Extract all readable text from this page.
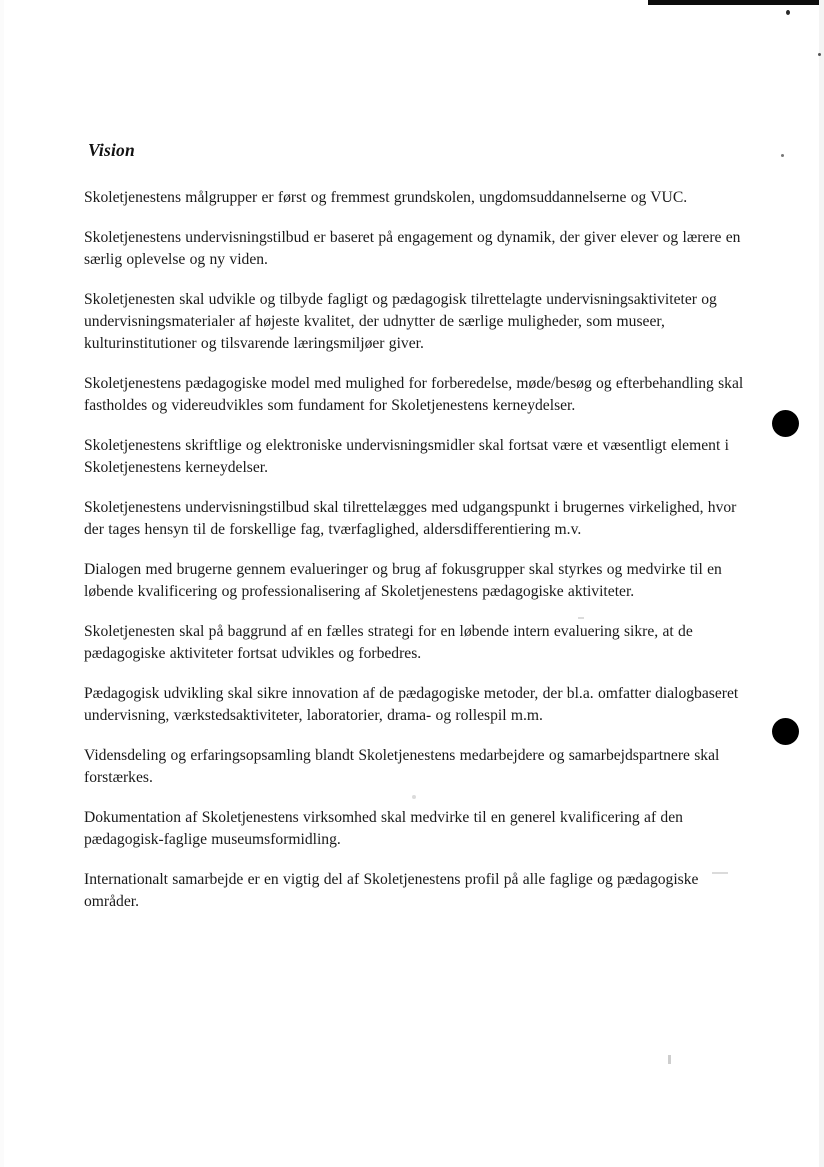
Vision

Skoletjenestens målgrupper er først og fremmest grundskolen, ungdomsuddannelserne og VUC.

Skoletjenestens undervisningstilbud er baseret på engagement og dynamik, der giver elever og lærere en særlig oplevelse og ny viden.

Skoletjenesten skal udvikle og tilbyde fagligt og pædagogisk tilrettelagte undervisningsaktiviteter og undervisningsmaterialer af højeste kvalitet, der udnytter de særlige muligheder, som museer, kulturinstitutioner og tilsvarende læringsmiljøer giver.

Skoletjenestens pædagogiske model med mulighed for forberedelse, møde/besøg og efterbehandling skal fastholdes og videreudvikles som fundament for Skoletjenestens kerneydelser.

Skoletjenestens skriftlige og elektroniske undervisningsmidler skal fortsat være et væsentligt element i Skoletjenestens kerneydelser.

Skoletjenestens undervisningstilbud skal tilrettelægges med udgangspunkt i brugernes virkelighed, hvor der tages hensyn til de forskellige fag, tværfaglighed, aldersdifferentiering m.v.

Dialogen med brugerne gennem evalueringer og brug af fokusgrupper skal styrkes og medvirke til en løbende kvalificering og professionalisering af Skoletjenestens pædagogiske aktiviteter.

Skoletjenesten skal på baggrund af en fælles strategi for en løbende intern evaluering sikre, at de pædagogiske aktiviteter fortsat udvikles og forbedres.

Pædagogisk udvikling skal sikre innovation af de pædagogiske metoder, der bl.a. omfatter dialogbaseret undervisning, værkstedsaktiviteter, laboratorier, drama- og rollespil m.m.

Vidensdeling og erfaringsopsamling blandt Skoletjenestens medarbejdere og samarbejdspartnere skal forstærkes.

Dokumentation af Skoletjenestens virksomhed skal medvirke til en generel kvalificering af den pædagogisk-faglige museumsformidling.

Internationalt samarbejde er en vigtig del af Skoletjenestens profil på alle faglige og pædagogiske områder.
